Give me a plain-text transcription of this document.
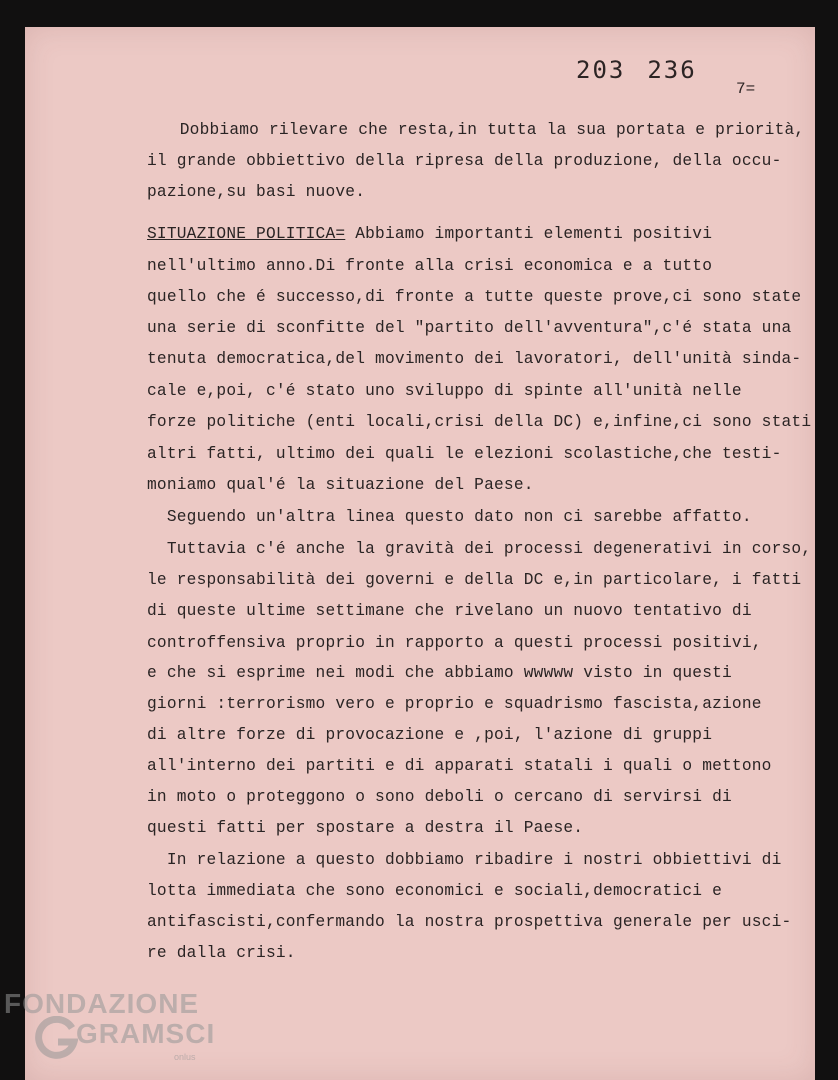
203 236
7=
Dobbiamo rilevare che resta,in tutta la sua portata e priorità,
il grande obbiettivo della ripresa della produzione, della occu-
pazione,su basi nuove.
SITUAZIONE POLITICA= Abbiamo importanti elementi positivi
nell'ultimo anno.Di fronte alla crisi economica e a tutto
quello che é successo,di fronte a tutte queste prove,ci sono state
una serie di sconfitte del "partito dell'avventura",c'é stata una
tenuta democratica,del movimento dei lavoratori, dell'unità sinda-
cale e,poi, c'é stato uno sviluppo di spinte all'unità nelle
forze politiche (enti locali,crisi della DC) e,infine,ci sono stati
altri fatti, ultimo dei quali le elezioni scolastiche,che testi-
moniamo qual'é la situazione del Paese.
Seguendo un'altra linea questo dato non ci sarebbe affatto.
Tuttavia c'é anche la gravità dei processi degenerativi in corso,
le responsabilità dei governi e della DC e,in particolare, i fatti
di queste ultime settimane che rivelano un nuovo tentativo di
controffensiva proprio in rapporto a questi processi positivi,
e che si esprime nei modi che abbiamo wwwww visto in questi
giorni :terrorismo vero e proprio e squadrismo fascista,azione
di altre forze di provocazione e ,poi, l'azione di gruppi
all'interno dei partiti e di apparati statali i quali o mettono
in moto o proteggono o sono deboli o cercano di servirsi di
questi fatti per spostare a destra il Paese.
In relazione a questo dobbiamo ribadire i nostri obbiettivi di
lotta immediata che sono economici e sociali,democratici e
antifascisti,confermando la nostra prospettiva generale per usci-
re dalla crisi.
FONDAZIONE
GRAMSCI
onlus
